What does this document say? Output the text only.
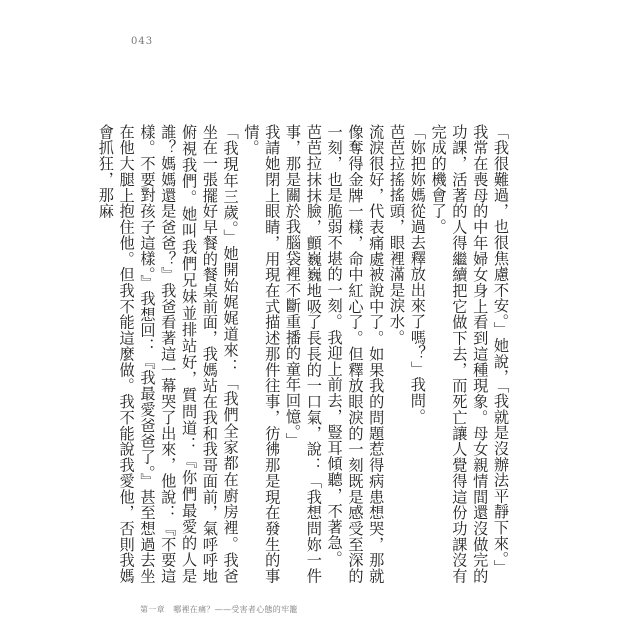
043

「我很難過，也很焦慮不安。」她說，「我就是沒辦法平靜下來。」

我常在喪母的中年婦女身上看到這種現象。母女親情間還沒做完的功課，活著的人得繼續把它做下去，而死亡讓人覺得這份功課沒有完成的機會了。

「妳把妳媽從過去釋放出來了嗎？」我問。

芭芭拉搖搖頭，眼裡滿是淚水。

流淚很好，代表痛處被說中了。如果我的問題惹得病患想哭，那就像奪得金牌一樣，命中紅心了。但釋放眼淚的一刻既是感受至深的一刻，也是脆弱不堪的一刻。我迎上前去，豎耳傾聽，不著急。

芭芭拉抹抹臉，顫巍巍地吸了長長的一口氣，說：「我想問妳一件事，那是關於我腦袋裡不斷重播的童年回憶。」

我請她閉上眼睛，用現在式描述那件往事，彷彿那是現在發生的事情。

「我現年三歲。」她開始娓娓道來：「我們全家都在廚房裡。我爸坐在一張擺好早餐的餐桌前面，我媽站在我和我哥面前，氣呼呼地俯視我們。她叫我們兄妹並排站好，質問道：『你們最愛的人是誰？媽媽還是爸爸？』我爸看著這一幕哭了出來，他說：『不要這樣。不要對孩子這樣。』我想回：『我最愛爸爸了。』甚至想過去坐在他大腿上抱住他。但我不能這麼做。我不能說我愛他，否則我媽會抓狂，那麻

第一章　哪裡在痛？——受害者心態的牢籠
